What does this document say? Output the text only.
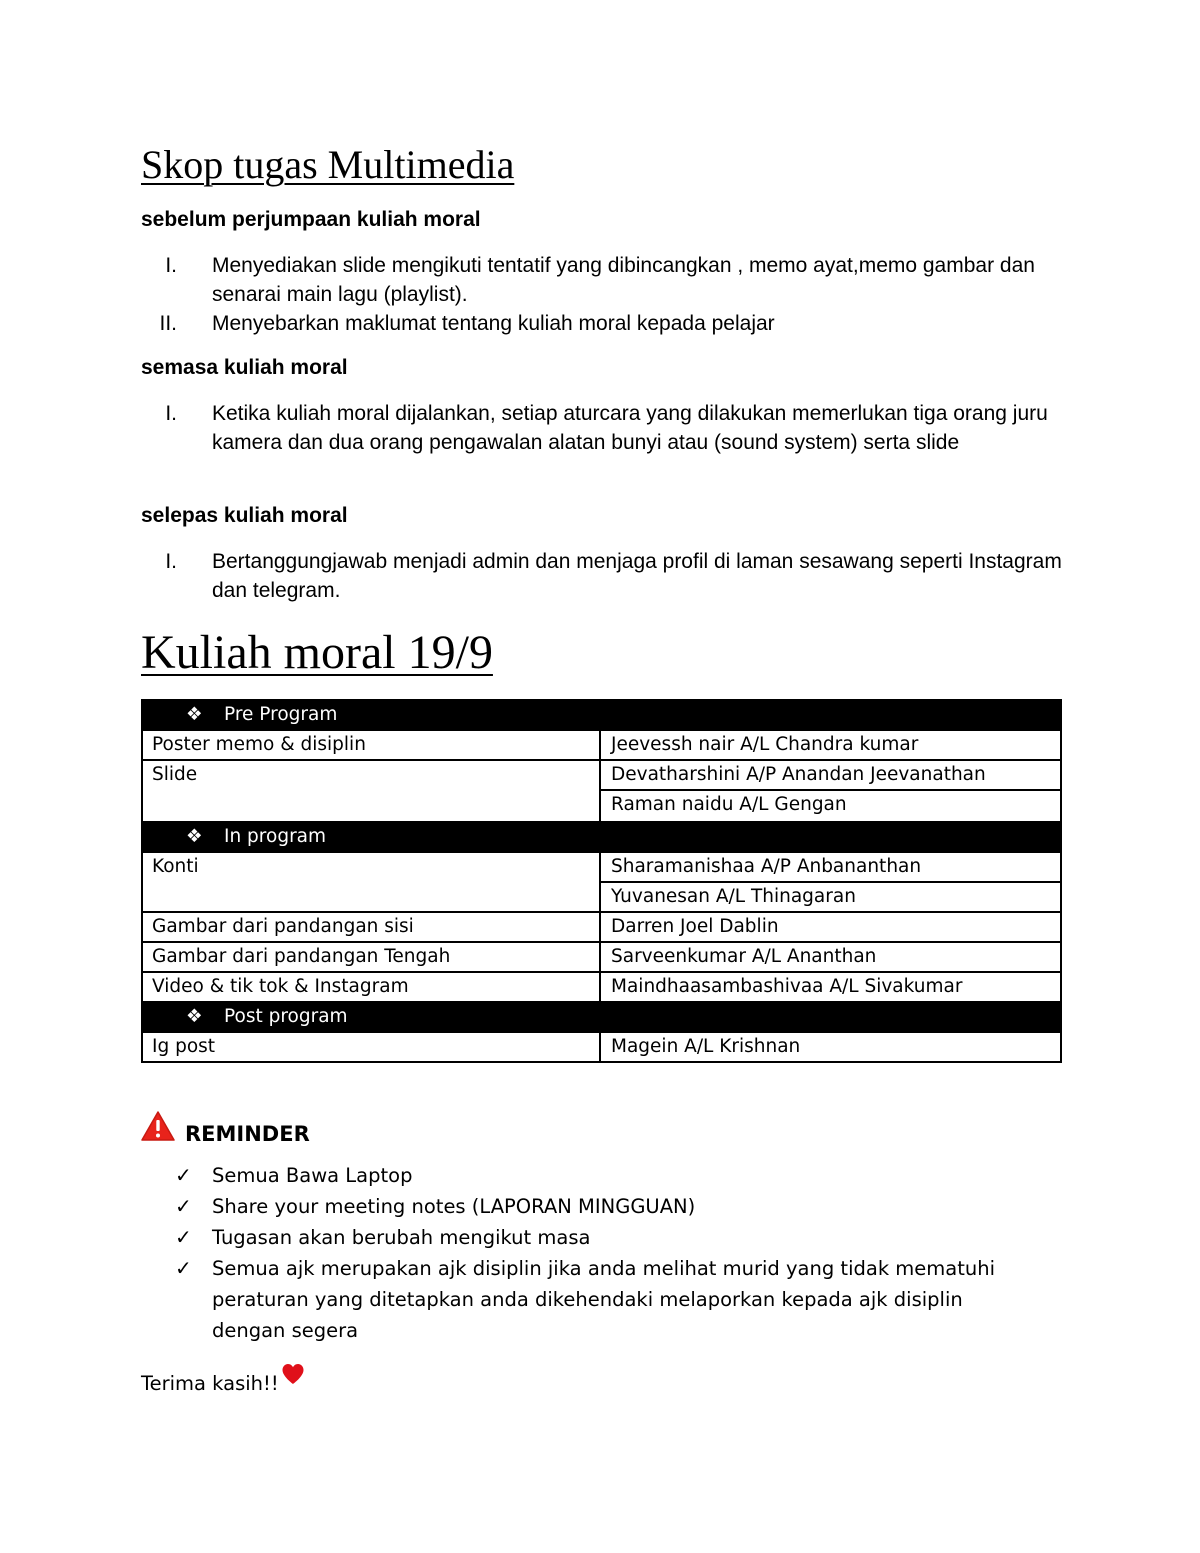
Skop tugas Multimedia
sebelum perjumpaan kuliah moral
I. Menyediakan slide mengikuti tentatif yang dibincangkan , memo ayat,memo gambar dan senarai main lagu (playlist).
II. Menyebarkan maklumat tentang kuliah moral kepada pelajar
semasa kuliah moral
I. Ketika kuliah moral dijalankan, setiap aturcara yang dilakukan memerlukan tiga orang juru kamera dan dua orang pengawalan alatan bunyi atau (sound system) serta slide
selepas kuliah moral
I. Bertanggungjawab menjadi admin dan menjaga profil di laman sesawang seperti Instagram dan telegram.
Kuliah moral 19/9
❖ Pre Program	
Poster memo & disiplin	Jeevessh nair A/L Chandra kumar
Slide	Devatharshini A/P Anandan Jeevanathan
	Raman naidu A/L Gengan
❖ In program	
Konti	Sharamanishaa A/P Anbananthan
	Yuvanesan A/L Thinagaran
Gambar dari pandangan sisi	Darren Joel Dablin
Gambar dari pandangan Tengah	Sarveenkumar A/L Ananthan
Video & tik tok & Instagram	Maindhaasambashivaa A/L Sivakumar
❖ Post program	
Ig post	Magein A/L Krishnan
REMINDER
✓ Semua Bawa Laptop
✓ Share your meeting notes (LAPORAN MINGGUAN)
✓ Tugasan akan berubah mengikut masa
✓ Semua ajk merupakan ajk disiplin jika anda melihat murid yang tidak mematuhi peraturan yang ditetapkan anda dikehendaki melaporkan kepada ajk disiplin dengan segera
Terima kasih!!
